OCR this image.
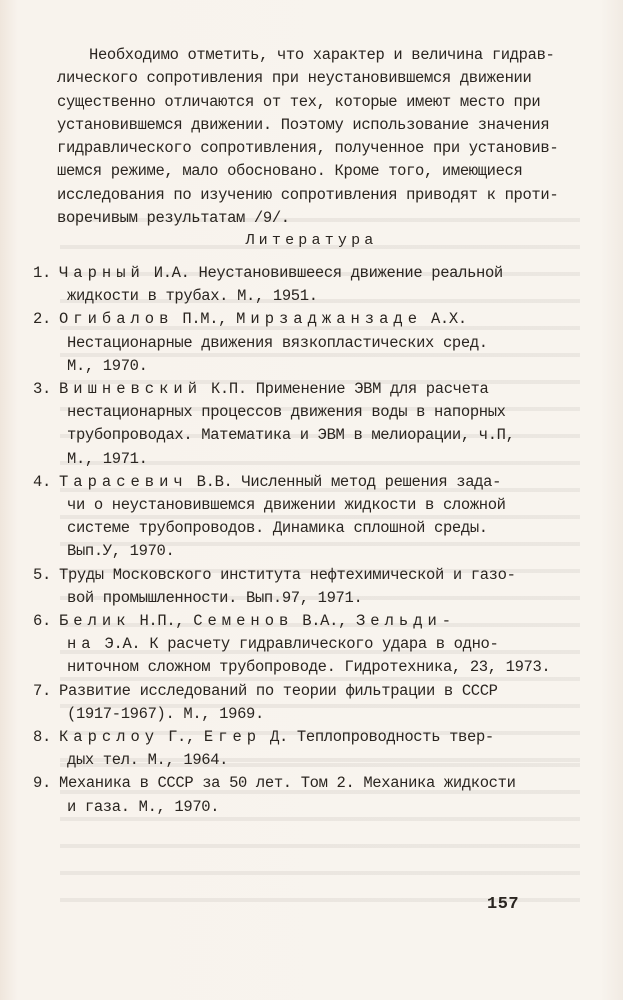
Необходимо отметить, что характер и величина гидрав-

лического сопротивления при неустановившемся движении

существенно отличаются от тех, которые имеют место при

установившемся движении. Поэтому использование значения

гидравлического сопротивления, полученное при установив-

шемся режиме, мало обосновано. Кроме того, имеющиеся

исследования по изучению сопротивления приводят к проти-

воречивым результатам /9/.

Литература
1. Чарный И.А. Неустановившееся движение реальной
жидкости в трубах. М., 1951.
2. Огибалов П.М., Мирзаджанзаде А.Х.
Нестационарные движения вязкопластических сред.
М., 1970.
3. Вишневский К.П. Применение ЭВМ для расчета
нестационарных процессов движения воды в напорных
трубопроводах. Математика и ЭВМ в мелиорации, ч.П,
М., 1971.
4. Тарасевич В.В. Численный метод решения зада-
чи о неустановившемся движении жидкости в сложной
системе трубопроводов. Динамика сплошной среды.
Вып.У, 1970.
5. Труды Московского института нефтехимической и газо-
вой промышленности. Вып.97, 1971.
6. Белик Н.П., Семенов В.А., Зельди-
на Э.А. К расчету гидравлического удара в одно-
ниточном сложном трубопроводе. Гидротехника, 23, 1973.
7. Развитие исследований по теории фильтрации в СССР
(1917-1967). М., 1969.
8. Карслоу Г., Егер Д. Теплопроводность твер-
дых тел. М., 1964.
9. Механика в СССР за 50 лет. Том 2. Механика жидкости
и газа. М., 1970.
157
